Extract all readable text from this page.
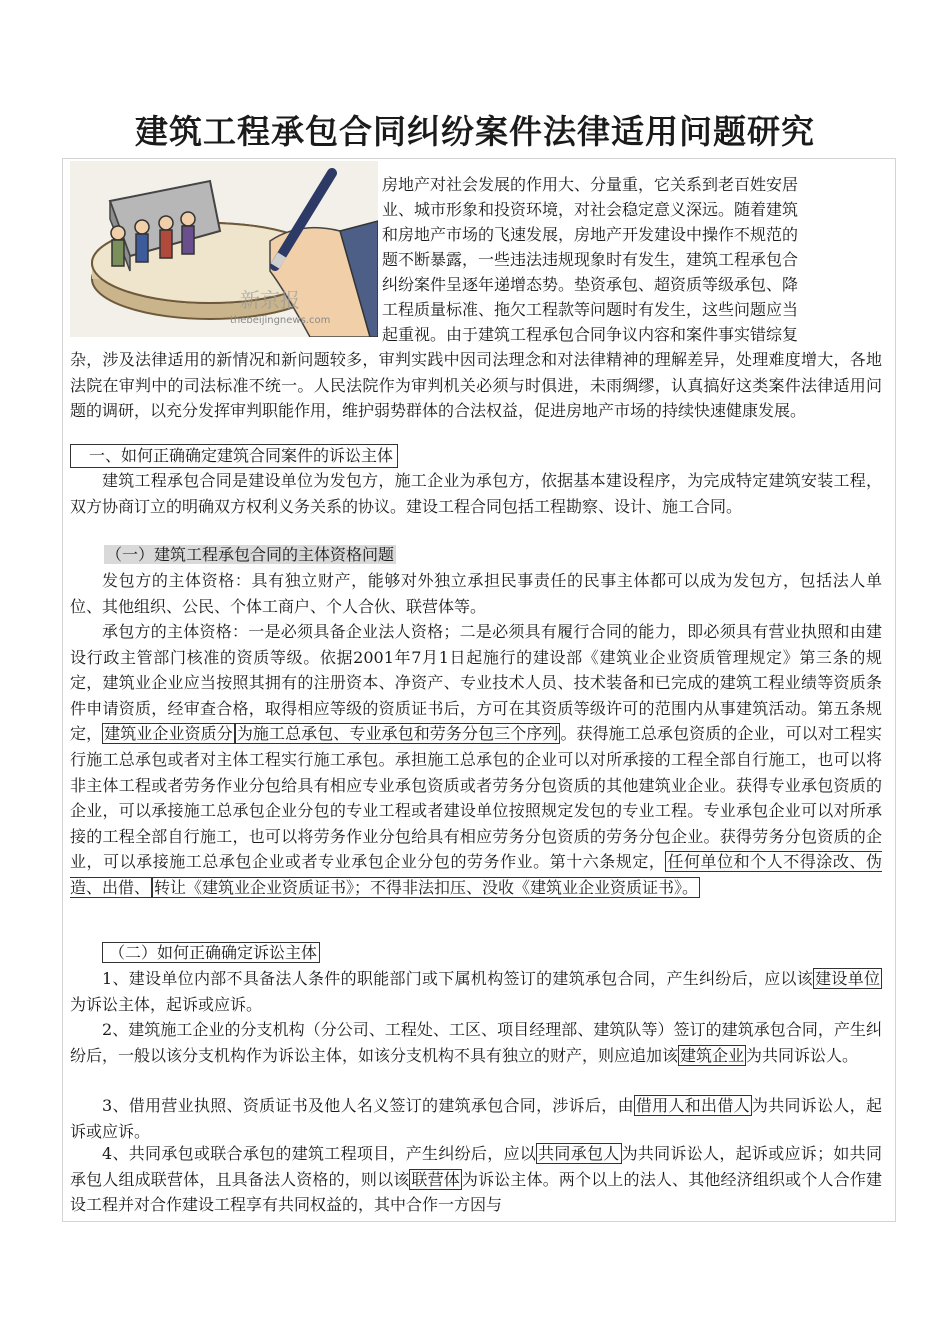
建筑工程承包合同纠纷案件法律适用问题研究
新京报
thebeijingnews.com

房地产对社会发展的作用大、分量重，它关系到老百姓安居

业、城市形象和投资环境，对社会稳定意义深远。随着建筑

和房地产市场的飞速发展，房地产开发建设中操作不规范的

题不断暴露，一些违法违规现象时有发生，建筑工程承包合

纠纷案件呈逐年递增态势。垫资承包、超资质等级承包、降

工程质量标准、拖欠工程款等问题时有发生，这些问题应当

起重视。由于建筑工程承包合同争议内容和案件事实错综复

杂，涉及法律适用的新情况和新问题较多，审判实践中因司法理念和对法律精神的理解差异，处理难度增大，各地法院在审判中的司法标准不统一。人民法院作为审判机关必须与时俱进，未雨绸缪，认真搞好这类案件法律适用问题的调研，以充分发挥审判职能作用，维护弱势群体的合法权益，促进房地产市场的持续快速健康发展。

一、如何正确确定建筑合同案件的诉讼主体

建筑工程承包合同是建设单位为发包方，施工企业为承包方，依据基本建设程序，为完成特定建筑安装工程，双方协商订立的明确双方权利义务关系的协议。建设工程合同包括工程勘察、设计、施工合同。

（一）建筑工程承包合同的主体资格问题

发包方的主体资格：具有独立财产，能够对外独立承担民事责任的民事主体都可以成为发包方，包括法人单位、其他组织、公民、个体工商户、个人合伙、联营体等。

承包方的主体资格：一是必须具备企业法人资格；二是必须具有履行合同的能力，即必须具有营业执照和由建设行政主管部门核准的资质等级。依据2001年7月1日起施行的建设部《建筑业企业资质管理规定》第三条的规定，建筑业企业应当按照其拥有的注册资本、净资产、专业技术人员、技术装备和已完成的建筑工程业绩等资质条件申请资质，经审查合格，取得相应等级的资质证书后，方可在其资质等级许可的范围内从事建筑活动。第五条规定， 建筑业企业资质分 为施工总承包、专业承包和劳务分包三个序列 。获得施工总承包资质的企业，可以对工程实行施工总承包或者对主体工程实行施工承包。承担施工总承包的企业可以对所承接的工程全部自行施工，也可以将非主体工程或者劳务作业分包给具有相应专业承包资质或者劳务分包资质的其他建筑业企业。获得专业承包资质的企业，可以承接施工总承包企业分包的专业工程或者建设单位按照规定发包的专业工程。专业承包企业可以对所承接的工程全部自行施工，也可以将劳务作业分包给具有相应劳务分包资质的劳务分包企业。获得劳务分包资质的企业，可以承接施工总承包企业或者专业承包企业分包的劳务作业。第十六条规定， 任何单位和个人不得涂改、伪造、出借、 转让《建筑业企业资质证书》；不得非法扣压、没收《建筑业企业资质证书》。

（二）如何正确确定诉讼主体

1、建设单位内部不具备法人条件的职能部门或下属机构签订的建筑承包合同，产生纠纷后，应以该 建设单位为诉讼主体，起诉或应诉。

2、建筑施工企业的分支机构（分公司、工程处、工区、项目经理部、建筑队等）签订的建筑承包合同，产生纠纷后，一般以该分支机构作为诉讼主体，如该分支机构不具有独立的财产，则应追加该 建筑企业 为共同诉讼人。

3、借用营业执照、资质证书及他人名义签订的建筑承包合同，涉诉后，由 借用人和出借人 为共同诉讼人，起诉或应诉。

4、共同承包或联合承包的建筑工程项目，产生纠纷后，应以 共同承包人 为共同诉讼人，起诉或应诉；如共同承包人组成联营体，且具备法人资格的，则以该 联营体 为诉讼主体。两个以上的法人、其他经济组织或个人合作建设工程并对合作建设工程享有共同权益的，其中合作一方因与
